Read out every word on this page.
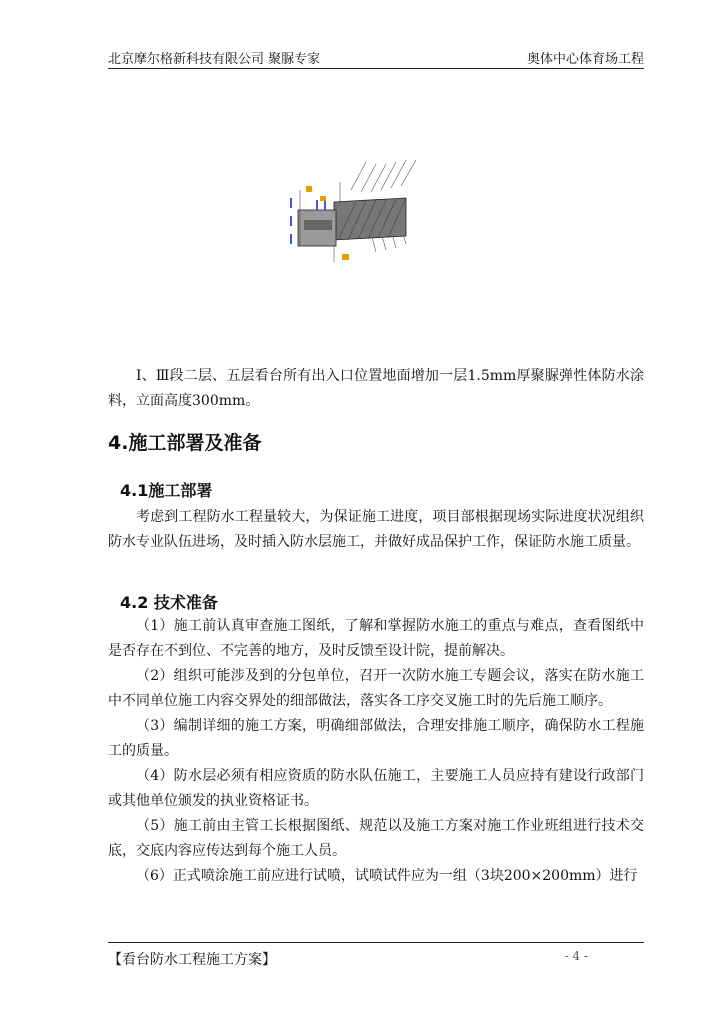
北京摩尔格新科技有限公司 聚脲专家	奥体中心体育场工程

Ⅰ、Ⅲ段二层、五层看台所有出入口位置地面增加一层1.5mm厚聚脲弹性体防水涂料，立面高度300mm。

4.施工部署及准备
4.1施工部署

考虑到工程防水工程量较大，为保证施工进度，项目部根据现场实际进度状况组织防水专业队伍进场，及时插入防水层施工，并做好成品保护工作，保证防水施工质量。

4.2 技术准备

（1）施工前认真审查施工图纸，了解和掌握防水施工的重点与难点，查看图纸中是否存在不到位、不完善的地方，及时反馈至设计院，提前解决。

（2）组织可能涉及到的分包单位，召开一次防水施工专题会议，落实在防水施工中不同单位施工内容交界处的细部做法，落实各工序交叉施工时的先后施工顺序。

（3）编制详细的施工方案，明确细部做法，合理安排施工顺序，确保防水工程施工的质量。

（4）防水层必须有相应资质的防水队伍施工，主要施工人员应持有建设行政部门或其他单位颁发的执业资格证书。

（5）施工前由主管工长根据图纸、规范以及施工方案对施工作业班组进行技术交底，交底内容应传达到每个施工人员。

（6）正式喷涂施工前应进行试喷，试喷试件应为一组（3块200×200mm）进行

【看台防水工程施工方案】	- 4 -
